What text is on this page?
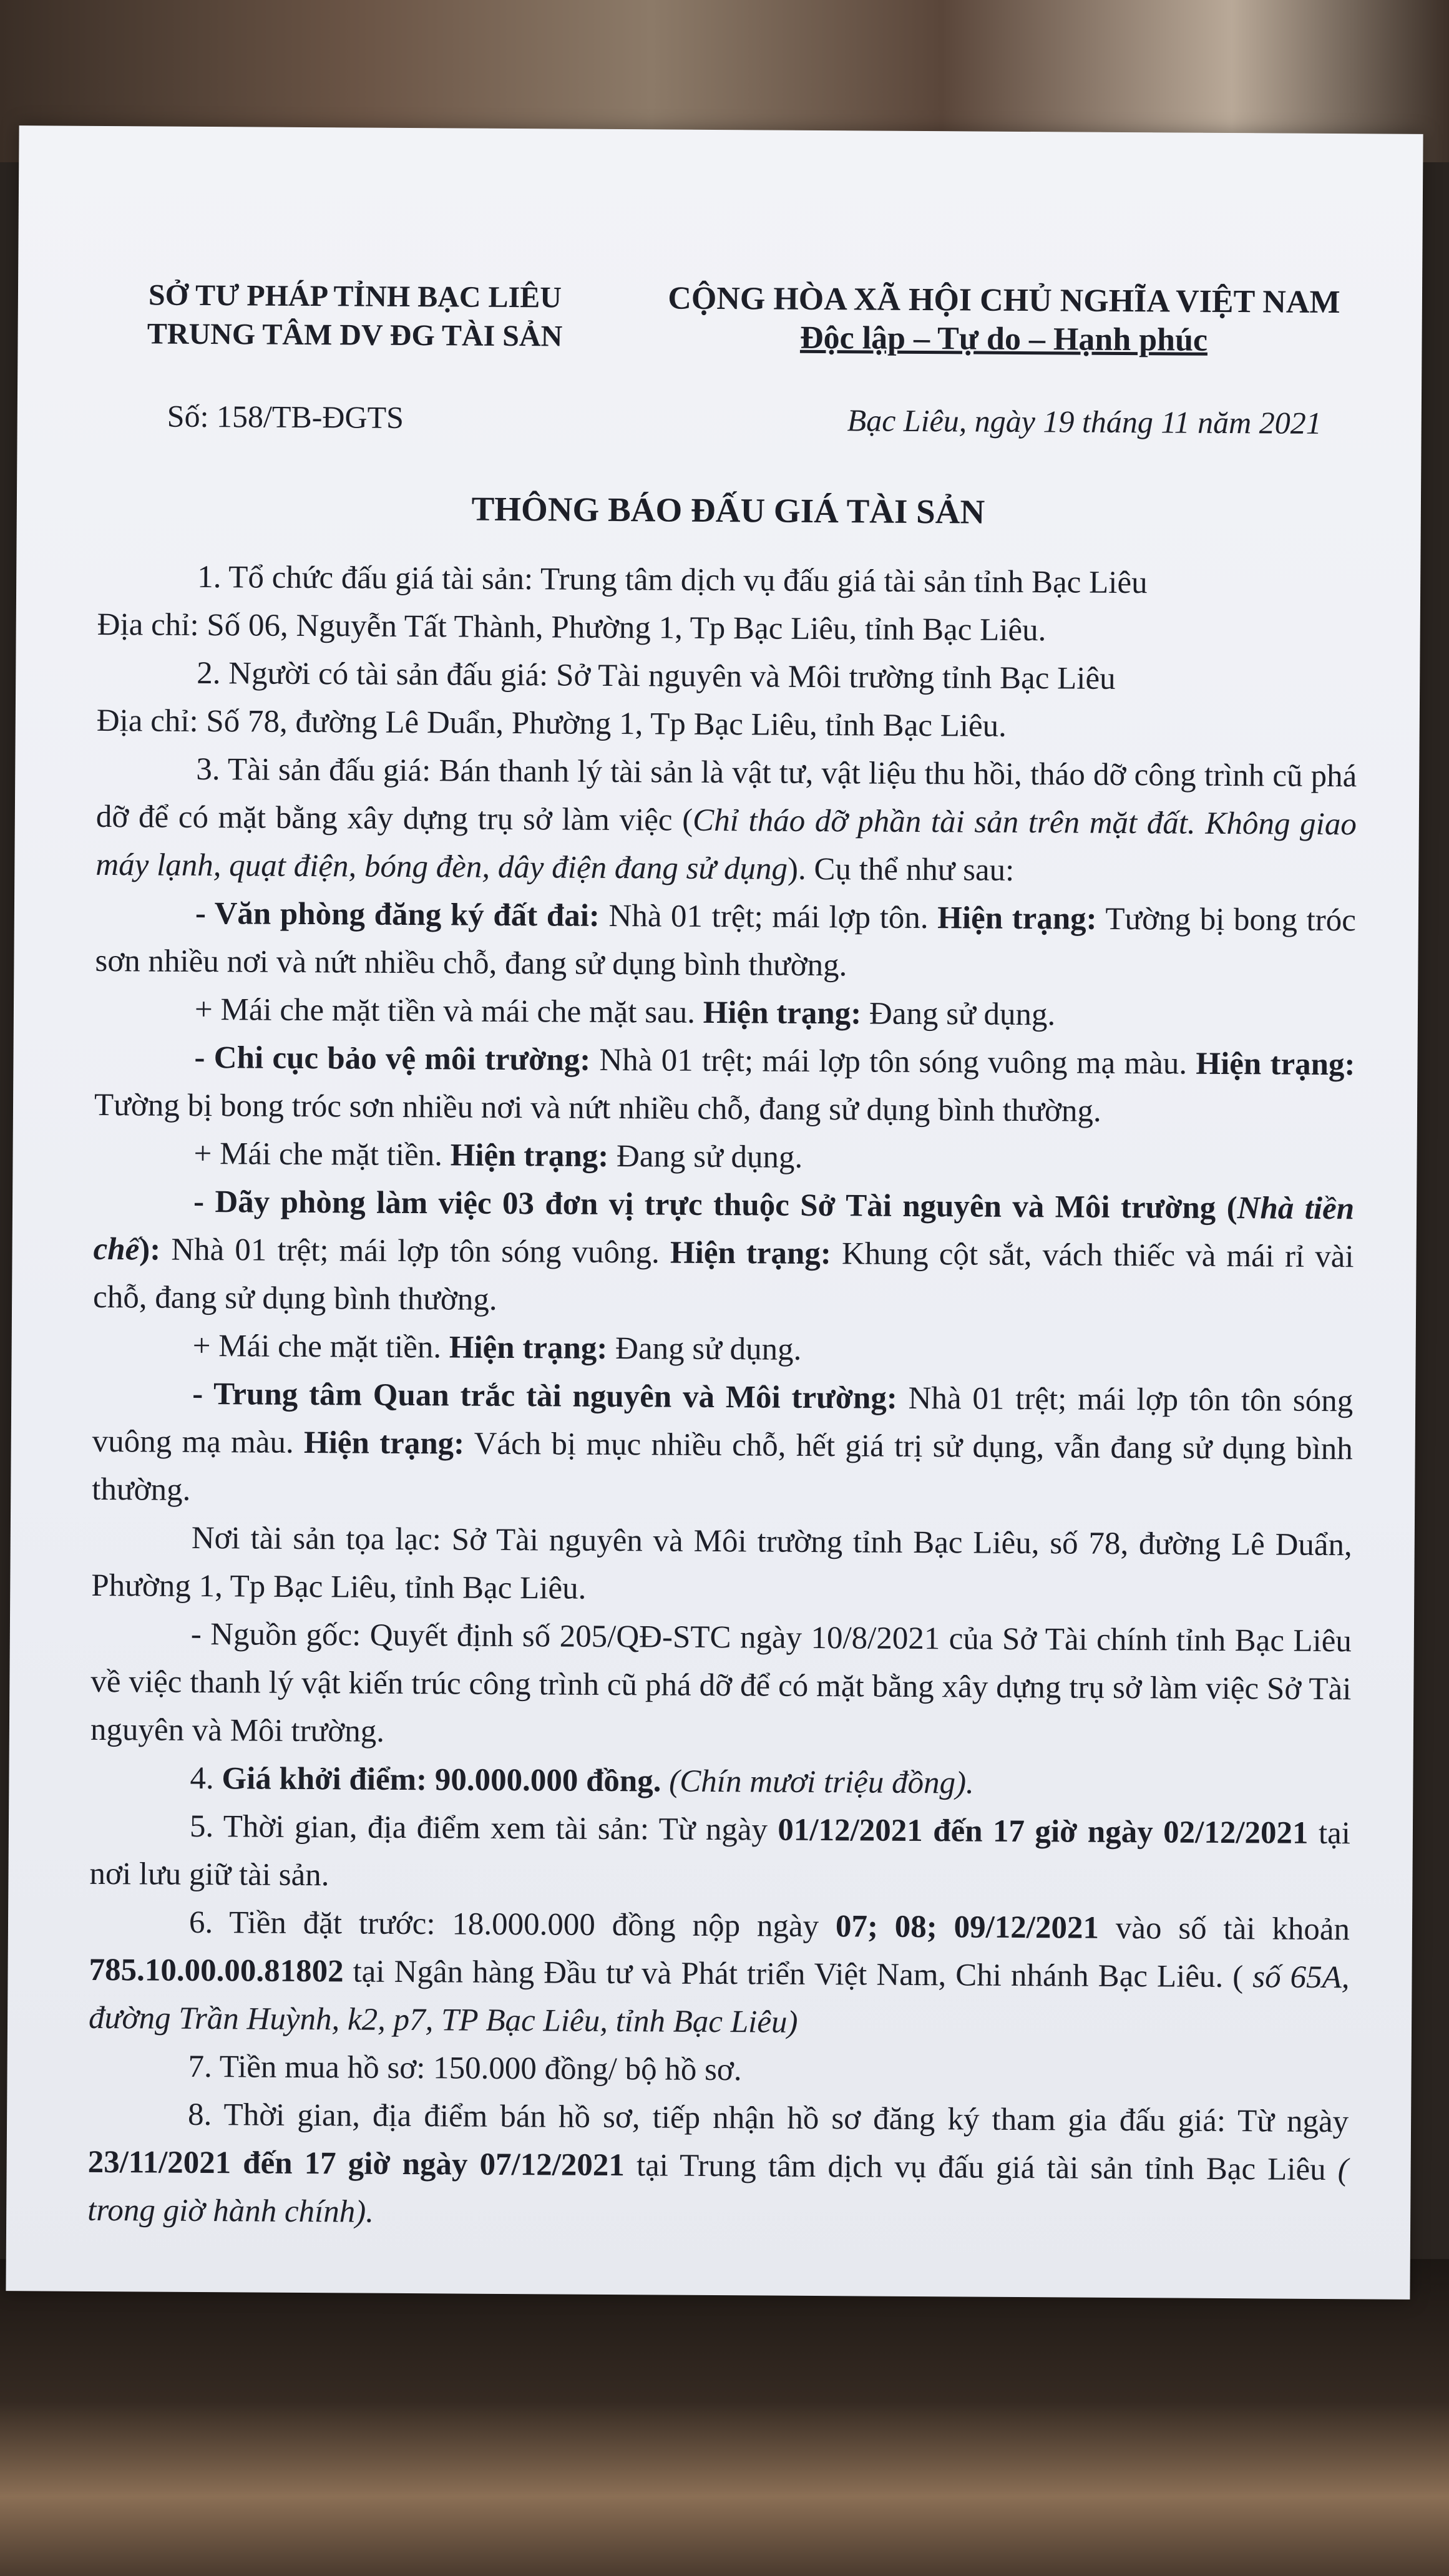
SỞ TƯ PHÁP TỈNH BẠC LIÊU
TRUNG TÂM DV ĐG TÀI SẢN
CỘNG HÒA XÃ HỘI CHỦ NGHĨA VIỆT NAM
Độc lập – Tự do – Hạnh phúc
Số: 158/TB-ĐGTS	Bạc Liêu, ngày 19 tháng 11 năm 2021
THÔNG BÁO ĐẤU GIÁ TÀI SẢN

1. Tổ chức đấu giá tài sản: Trung tâm dịch vụ đấu giá tài sản tỉnh Bạc Liêu

Địa chỉ: Số 06, Nguyễn Tất Thành, Phường 1, Tp Bạc Liêu, tỉnh Bạc Liêu.

2. Người có tài sản đấu giá: Sở Tài nguyên và Môi trường tỉnh Bạc Liêu

Địa chỉ: Số 78, đường Lê Duẩn, Phường 1, Tp Bạc Liêu, tỉnh Bạc Liêu.

3. Tài sản đấu giá: Bán thanh lý tài sản là vật tư, vật liệu thu hồi, tháo dỡ công trình cũ phá dỡ để có mặt bằng xây dựng trụ sở làm việc (Chỉ tháo dỡ phần tài sản trên mặt đất. Không giao máy lạnh, quạt điện, bóng đèn, dây điện đang sử dụng). Cụ thể như sau:

- Văn phòng đăng ký đất đai: Nhà 01 trệt; mái lợp tôn. Hiện trạng: Tường bị bong tróc sơn nhiều nơi và nứt nhiều chỗ, đang sử dụng bình thường.

+ Mái che mặt tiền và mái che mặt sau. Hiện trạng: Đang sử dụng.

- Chi cục bảo vệ môi trường: Nhà 01 trệt; mái lợp tôn sóng vuông mạ màu. Hiện trạng: Tường bị bong tróc sơn nhiều nơi và nứt nhiều chỗ, đang sử dụng bình thường.

+ Mái che mặt tiền. Hiện trạng: Đang sử dụng.

- Dãy phòng làm việc 03 đơn vị trực thuộc Sở Tài nguyên và Môi trường (Nhà tiền chế): Nhà 01 trệt; mái lợp tôn sóng vuông. Hiện trạng: Khung cột sắt, vách thiếc và mái rỉ vài chỗ, đang sử dụng bình thường.

+ Mái che mặt tiền. Hiện trạng: Đang sử dụng.

- Trung tâm Quan trắc tài nguyên và Môi trường: Nhà 01 trệt; mái lợp tôn tôn sóng vuông mạ màu. Hiện trạng: Vách bị mục nhiều chỗ, hết giá trị sử dụng, vẫn đang sử dụng bình thường.

Nơi tài sản tọa lạc: Sở Tài nguyên và Môi trường tỉnh Bạc Liêu, số 78, đường Lê Duẩn, Phường 1, Tp Bạc Liêu, tỉnh Bạc Liêu.

- Nguồn gốc: Quyết định số 205/QĐ-STC ngày 10/8/2021 của Sở Tài chính tỉnh Bạc Liêu về việc thanh lý vật kiến trúc công trình cũ phá dỡ để có mặt bằng xây dựng trụ sở làm việc Sở Tài nguyên và Môi trường.

4. Giá khởi điểm: 90.000.000 đồng. (Chín mươi triệu đồng).

5. Thời gian, địa điểm xem tài sản: Từ ngày 01/12/2021 đến 17 giờ ngày 02/12/2021 tại nơi lưu giữ tài sản.

6. Tiền đặt trước: 18.000.000 đồng nộp ngày 07; 08; 09/12/2021 vào số tài khoản 785.10.00.00.81802 tại Ngân hàng Đầu tư và Phát triển Việt Nam, Chi nhánh Bạc Liêu. ( số 65A, đường Trần Huỳnh, k2, p7, TP Bạc Liêu, tỉnh Bạc Liêu)

7. Tiền mua hồ sơ: 150.000 đồng/ bộ hồ sơ.

8. Thời gian, địa điểm bán hồ sơ, tiếp nhận hồ sơ đăng ký tham gia đấu giá: Từ ngày 23/11/2021 đến 17 giờ ngày 07/12/2021 tại Trung tâm dịch vụ đấu giá tài sản tỉnh Bạc Liêu ( trong giờ hành chính).
